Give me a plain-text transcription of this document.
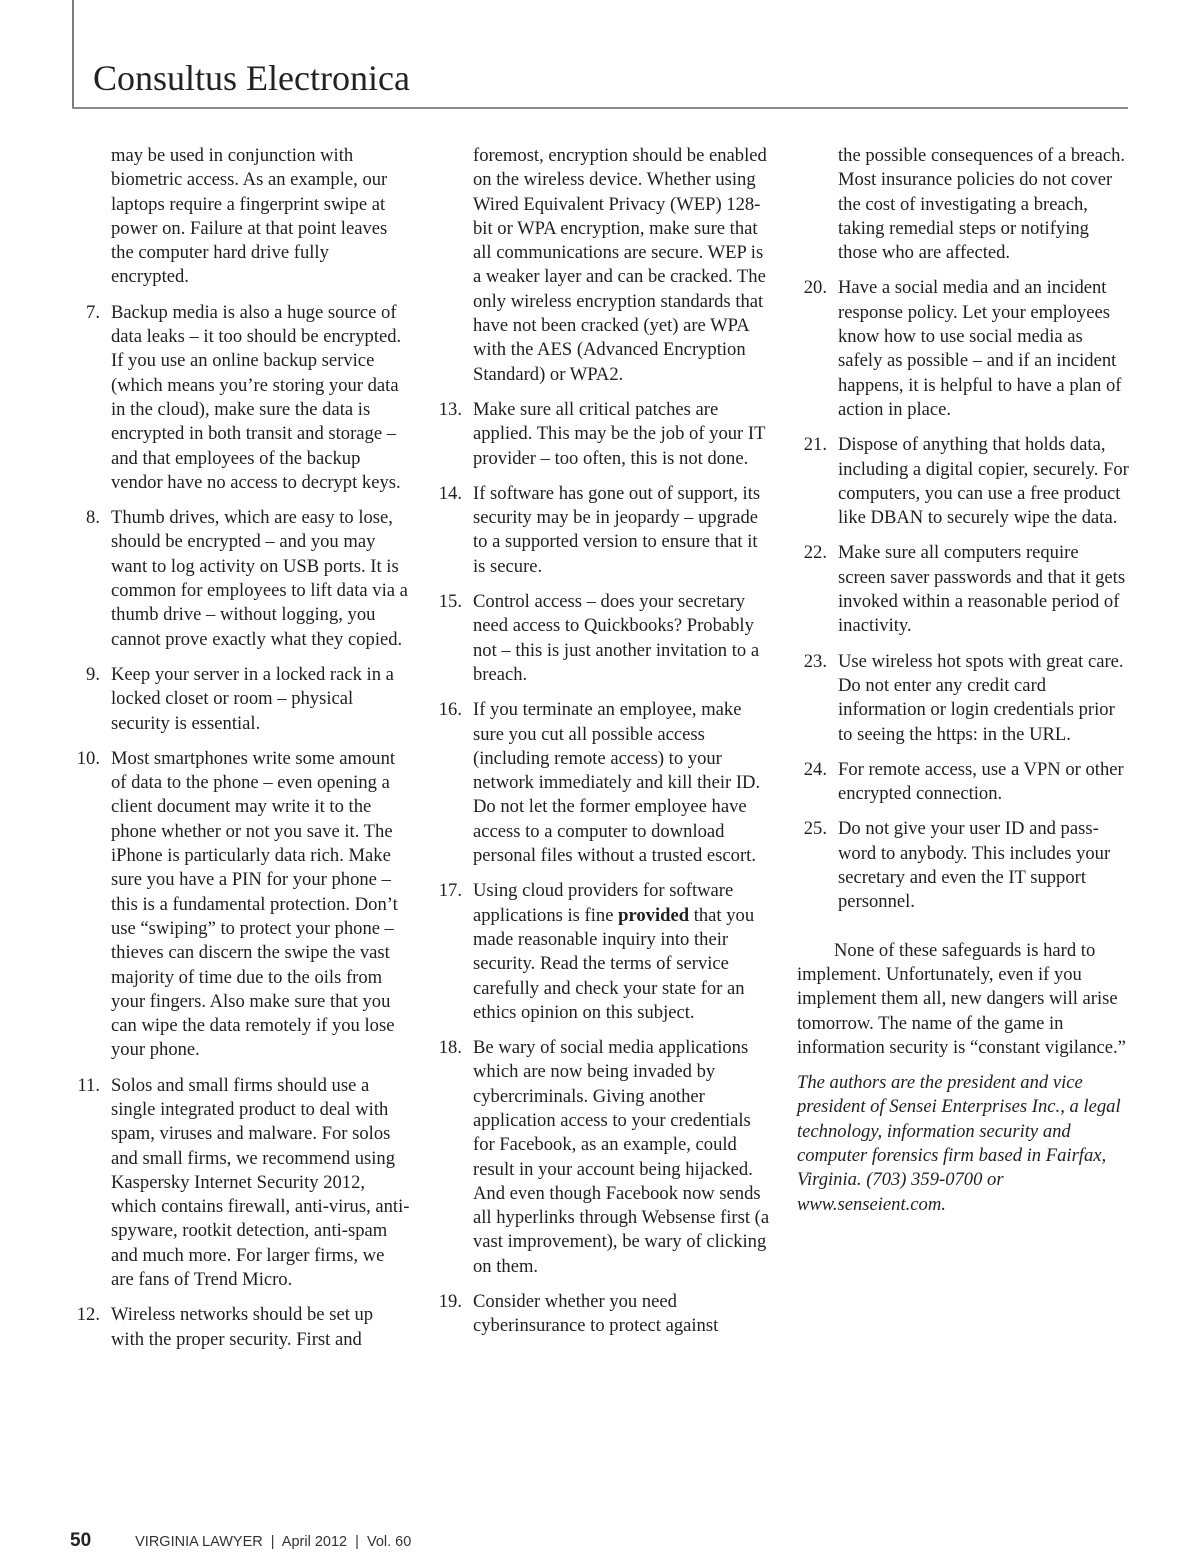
Consultus Electronica

may be used in conjunction with biometric access. As an example, our laptops require a fingerprint swipe at power on. Failure at that point leaves the computer hard drive fully encrypted.

7. Backup media is also a huge source of data leaks – it too should be encrypted. If you use an online backup service (which means you’re storing your data in the cloud), make sure the data is encrypted in both transit and storage – and that employees of the backup vendor have no access to decrypt keys.
8. Thumb drives, which are easy to lose, should be encrypted – and you may want to log activity on USB ports. It is common for employees to lift data via a thumb drive – without logging, you cannot prove exactly what they copied.
9. Keep your server in a locked rack in a locked closet or room – physical security is essential.
10. Most smartphones write some amount of data to the phone – even opening a client document may write it to the phone whether or not you save it. The iPhone is particularly data rich. Make sure you have a PIN for your phone – this is a fundamental protection. Don’t use “swiping” to protect your phone – thieves can discern the swipe the vast majority of time due to the oils from your fingers. Also make sure that you can wipe the data remotely if you lose your phone.
11. Solos and small firms should use a single integrated product to deal with spam, viruses and malware. For solos and small firms, we recommend using Kaspersky Internet Security 2012, which contains firewall, anti-virus, anti-spyware, rootkit detection, anti-spam and much more. For larger firms, we are fans of Trend Micro.
12. Wireless networks should be set up with the proper security. First and

foremost, encryption should be enabled on the wireless device. Whether using Wired Equivalent Privacy (WEP) 128-bit or WPA encryption, make sure that all communications are secure. WEP is a weaker layer and can be cracked. The only wireless encryption standards that have not been cracked (yet) are WPA with the AES (Advanced Encryption Standard) or WPA2.

13. Make sure all critical patches are applied. This may be the job of your IT provider – too often, this is not done.
14. If software has gone out of support, its security may be in jeopardy – upgrade to a supported version to ensure that it is secure.
15. Control access – does your secretary need access to Quickbooks? Probably not – this is just another invitation to a breach.
16. If you terminate an employee, make sure you cut all possible access (including remote access) to your network immediately and kill their ID. Do not let the former employee have access to a computer to download personal files without a trusted escort.
17. Using cloud providers for software applications is fine provided that you made reasonable inquiry into their security. Read the terms of service carefully and check your state for an ethics opinion on this subject.
18. Be wary of social media applications which are now being invaded by cybercriminals. Giving another application access to your credentials for Facebook, as an example, could result in your account being hijacked. And even though Facebook now sends all hyperlinks through Websense first (a vast improvement), be wary of clicking on them.
19. Consider whether you need cyberinsurance to protect against

the possible consequences of a breach. Most insurance policies do not cover the cost of investigating a breach, taking remedial steps or notifying those who are affected.

20. Have a social media and an incident response policy. Let your employees know how to use social media as safely as possible – and if an incident happens, it is helpful to have a plan of action in place.
21. Dispose of anything that holds data, including a digital copier, securely. For computers, you can use a free product like DBAN to securely wipe the data.
22. Make sure all computers require screen saver passwords and that it gets invoked within a reasonable period of inactivity.
23. Use wireless hot spots with great care. Do not enter any credit card information or login credentials prior to seeing the https: in the URL.
24. For remote access, use a VPN or other encrypted connection.
25. Do not give your user ID and password to anybody. This includes your secretary and even the IT support personnel.

None of these safeguards is hard to implement. Unfortunately, even if you implement them all, new dangers will arise tomorrow. The name of the game in information security is “constant vigilance.”

The authors are the president and vice president of Sensei Enterprises Inc., a legal technology, information security and computer forensics firm based in Fairfax, Virginia. (703) 359-0700 or www.senseient.com.

50	VIRGINIA LAWYER  |  April 2012  |  Vol. 60
